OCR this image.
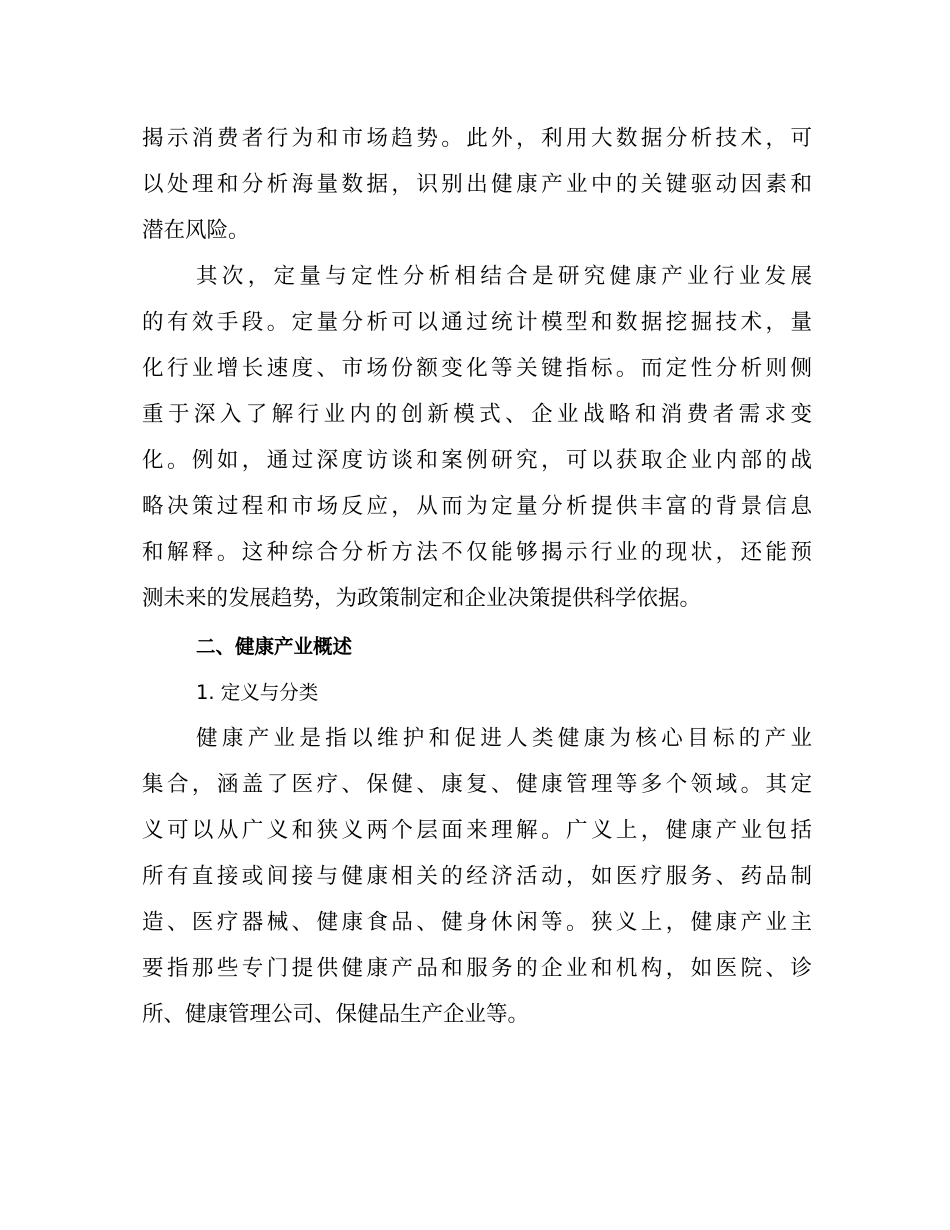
揭示消费者行为和市场趋势。此外，利用大数据分析技术，可
以处理和分析海量数据，识别出健康产业中的关键驱动因素和
潜在风险。
其次，定量与定性分析相结合是研究健康产业行业发展
的有效手段。定量分析可以通过统计模型和数据挖掘技术，量
化行业增长速度、市场份额变化等关键指标。而定性分析则侧
重于深入了解行业内的创新模式、企业战略和消费者需求变
化。例如，通过深度访谈和案例研究，可以获取企业内部的战
略决策过程和市场反应，从而为定量分析提供丰富的背景信息
和解释。这种综合分析方法不仅能够揭示行业的现状，还能预
测未来的发展趋势，为政策制定和企业决策提供科学依据。
二、健康产业概述
1. 定义与分类
健康产业是指以维护和促进人类健康为核心目标的产业
集合，涵盖了医疗、保健、康复、健康管理等多个领域。其定
义可以从广义和狭义两个层面来理解。广义上，健康产业包括
所有直接或间接与健康相关的经济活动，如医疗服务、药品制
造、医疗器械、健康食品、健身休闲等。狭义上，健康产业主
要指那些专门提供健康产品和服务的企业和机构，如医院、诊
所、健康管理公司、保健品生产企业等。
